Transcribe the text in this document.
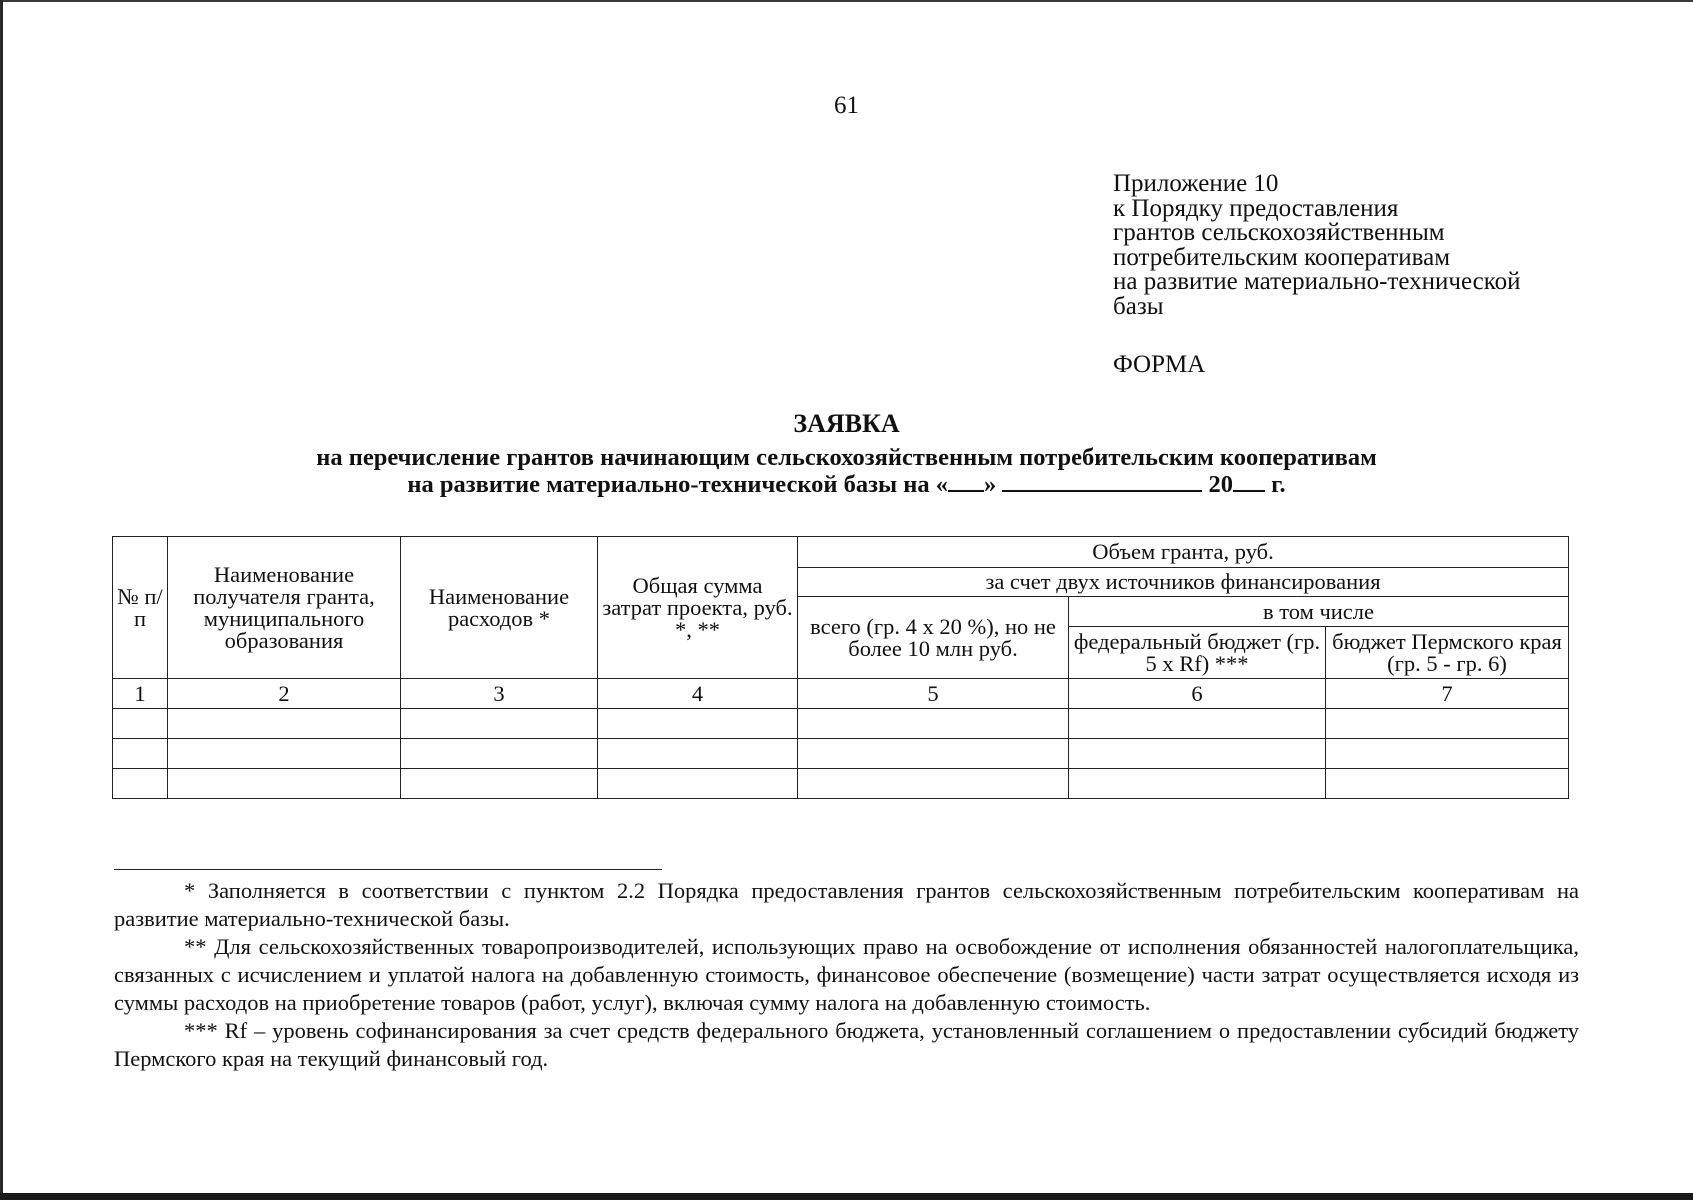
61
Приложение 10
к Порядку предоставления
грантов сельскохозяйственным
потребительским кооперативам
на развитие материально-технической
базы
ФОРМА
ЗАЯВКА
на перечисление грантов начинающим сельскохозяйственным потребительским кооперативам
на развитие материально-технической базы на « »	20 г.
№ п/п	Наименование получателя гранта, муниципального образования	Наименование расходов *	Общая сумма затрат проекта, руб. *, **	Объем гранта, руб.		
				за счет двух источников финансирования		
				всего (гр. 4 х 20 %), но не более 10 млн руб.	в том числе	
					федеральный бюджет (гр. 5 х Rf) ***	бюджет Пермского края (гр. 5 - гр. 6)
1	2	3	4	5	6	7

* Заполняется в соответствии с пунктом 2.2 Порядка предоставления грантов сельскохозяйственным потребительским кооперативам на развитие материально-технической базы.

** Для сельскохозяйственных товаропроизводителей, использующих право на освобождение от исполнения обязанностей налогоплательщика, связанных с исчислением и уплатой налога на добавленную стоимость, финансовое обеспечение (возмещение) части затрат осуществляется исходя из суммы расходов на приобретение товаров (работ, услуг), включая сумму налога на добавленную стоимость.

*** Rf – уровень софинансирования за счет средств федерального бюджета, установленный соглашением о предоставлении субсидий бюджету Пермского края на текущий финансовый год.
